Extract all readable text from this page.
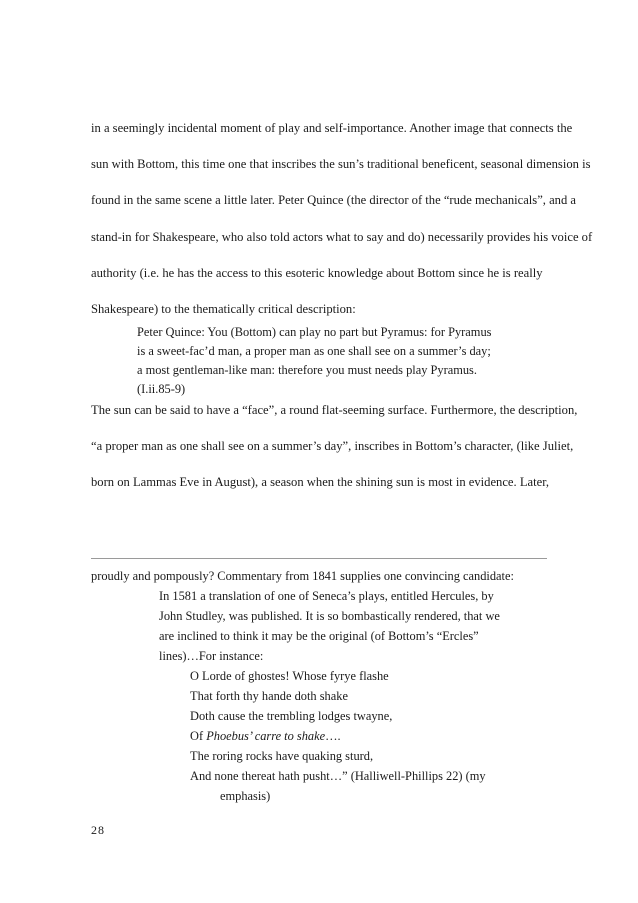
in a seemingly incidental moment of play and self-importance. Another image that connects the
sun with Bottom, this time one that inscribes the sun’s traditional beneficent, seasonal dimension is
found in the same scene a little later. Peter Quince (the director of the “rude mechanicals”, and a
stand-in for Shakespeare, who also told actors what to say and do) necessarily provides his voice of
authority (i.e. he has the access to this esoteric knowledge about Bottom since he is really
Shakespeare) to the thematically critical description:
Peter Quince: You (Bottom) can play no part but Pyramus: for Pyramus
is a sweet-fac’d man, a proper man as one shall see on a summer’s day;
a most gentleman-like man: therefore you must needs play Pyramus.
(I.ii.85-9)
The sun can be said to have a “face”, a round flat-seeming surface. Furthermore, the description,
“a proper man as one shall see on a summer’s day”, inscribes in Bottom’s character, (like Juliet,
born on Lammas Eve in August), a season when the shining sun is most in evidence. Later,
proudly and pompously? Commentary from 1841 supplies one convincing candidate:
In 1581 a translation of one of Seneca’s plays, entitled Hercules, by
John Studley, was published. It is so bombastically rendered, that we
are inclined to think it may be the original (of Bottom’s “Ercles”
lines)…For instance:
O Lorde of ghostes! Whose fyrye flashe
That forth thy hande doth shake
Doth cause the trembling lodges twayne,
Of Phoebus’ carre to shake….
The roring rocks have quaking sturd,
And none thereat hath pusht…” (Halliwell-Phillips 22) (my
emphasis)
28
